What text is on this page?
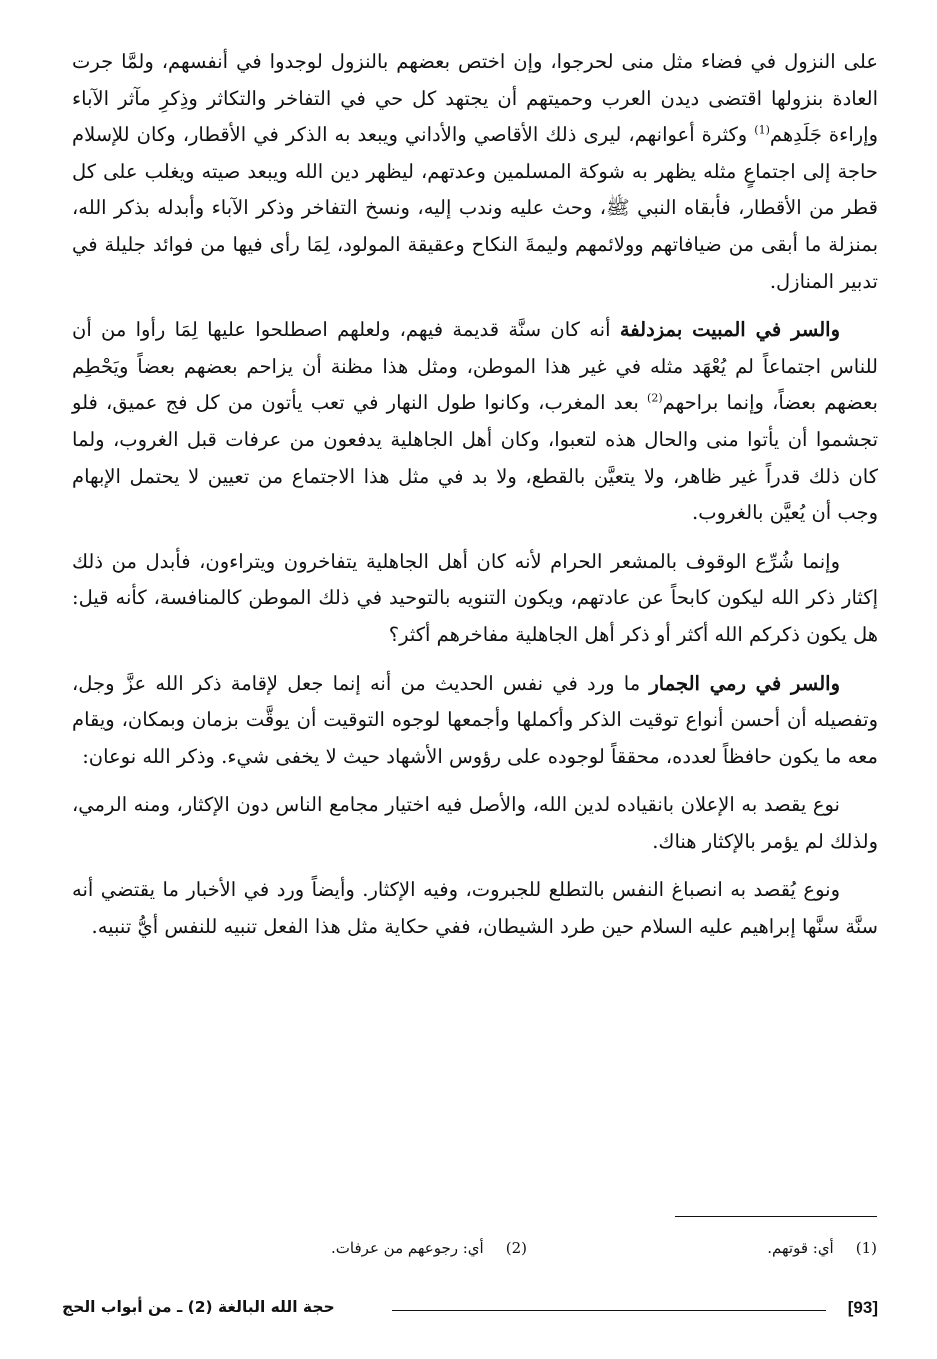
على النزول في فضاء مثل منى لحرجوا، وإن اختص بعضهم بالنزول لوجدوا في أنفسهم، ولمَّا جرت العادة بنزولها اقتضى ديدن العرب وحميتهم أن يجتهد كل حي في التفاخر والتكاثر وذِكرِ مآثر الآباء وإراءة جَلَدِهم$^{(1)}$ وكثرة أعوانهم، ليرى ذلك الأقاصي والأداني ويبعد به الذكر في الأقطار، وكان للإسلام حاجة إلى اجتماعٍ مثله يظهر به شوكة المسلمين وعدتهم، ليظهر دين الله ويبعد صيته ويغلب على كل قطر من الأقطار، فأبقاه النبي ﷺ، وحث عليه وندب إليه، ونسخ التفاخر وذكر الآباء وأبدله بذكر الله، بمنزلة ما أبقى من ضيافاتهم وولائمهم وليمةَ النكاح وعقيقة المولود، لِمَا رأى فيها من فوائد جليلة في تدبير المنازل.

والسر في المبيت بمزدلفة أنه كان سنَّة قديمة فيهم، ولعلهم اصطلحوا عليها لِمَا رأوا من أن للناس اجتماعاً لم يُعْهَد مثله في غير هذا الموطن، ومثل هذا مظنة أن يزاحم بعضهم بعضاً ويَحْطِم بعضهم بعضاً، وإنما براحهم$^{(2)}$ بعد المغرب، وكانوا طول النهار في تعب يأتون من كل فج عميق، فلو تجشموا أن يأتوا منى والحال هذه لتعبوا، وكان أهل الجاهلية يدفعون من عرفات قبل الغروب، ولما كان ذلك قدراً غير ظاهر، ولا يتعيَّن بالقطع، ولا بد في مثل هذا الاجتماع من تعيين لا يحتمل الإبهام وجب أن يُعيَّن بالغروب.

وإنما شُرِّع الوقوف بالمشعر الحرام لأنه كان أهل الجاهلية يتفاخرون ويتراءون، فأبدل من ذلك إكثار ذكر الله ليكون كابحاً عن عادتهم، ويكون التنويه بالتوحيد في ذلك الموطن كالمنافسة، كأنه قيل: هل يكون ذكركم الله أكثر أو ذكر أهل الجاهلية مفاخرهم أكثر؟

والسر في رمي الجمار ما ورد في نفس الحديث من أنه إنما جعل لإقامة ذكر الله عزَّ وجل، وتفصيله أن أحسن أنواع توقيت الذكر وأكملها وأجمعها لوجوه التوقيت أن يوقَّت بزمان وبمكان، ويقام معه ما يكون حافظاً لعدده، محققاً لوجوده على رؤوس الأشهاد حيث لا يخفى شيء. وذكر الله نوعان:

نوع يقصد به الإعلان بانقياده لدين الله، والأصل فيه اختيار مجامع الناس دون الإكثار، ومنه الرمي، ولذلك لم يؤمر بالإكثار هناك.

ونوع يُقصد به انصباغ النفس بالتطلع للجبروت، وفيه الإكثار. وأيضاً ورد في الأخبار ما يقتضي أنه سنَّة سنَّها إبراهيم عليه السلام حين طرد الشيطان، ففي حكاية مثل هذا الفعل تنبيه للنفس أيُّ تنبيه.

(1)أي: قوتهم.
(2)أي: رجوعهم من عرفات.
[93]
حجة الله البالغة (2) ـ من أبواب الحج
